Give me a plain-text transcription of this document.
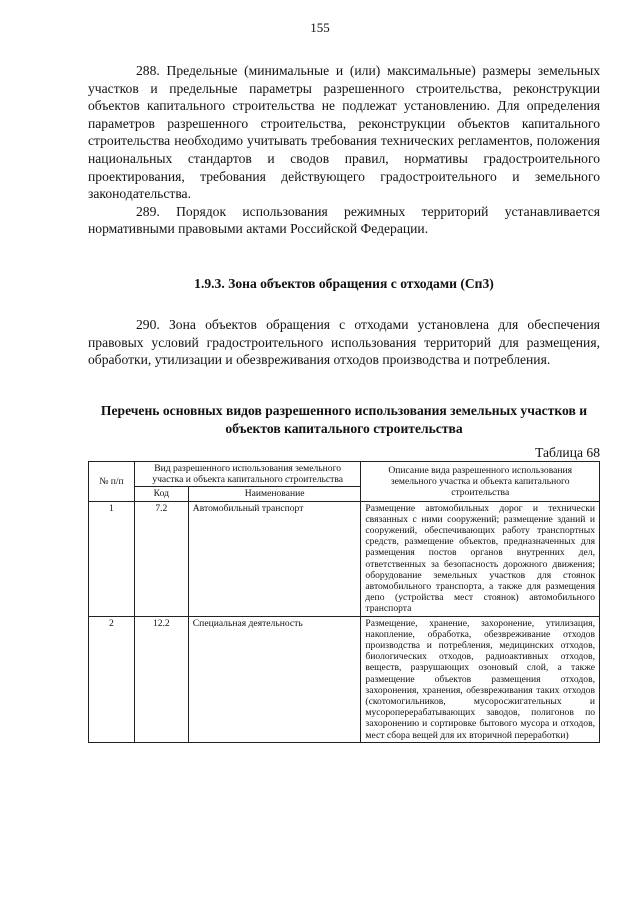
155

288. Предельные (минимальные и (или) максимальные) размеры земельных участков и предельные параметры разрешенного строительства, реконструкции объектов капитального строительства не подлежат установлению. Для определения параметров разрешенного строительства, реконструкции объектов капитального строительства необходимо учитывать требования технических регламентов, положения национальных стандартов и сводов правил, нормативы градостроительного проектирования, требования действующего градостроительного и земельного законодательства.

289. Порядок использования режимных территорий устанавливается нормативными правовыми актами Российской Федерации.

1.9.3. Зона объектов обращения с отходами (Сп3)

290. Зона объектов обращения с отходами установлена для обеспечения правовых условий градостроительного использования территорий для размещения, обработки, утилизации и обезвреживания отходов производства и потребления.

Перечень основных видов разрешенного использования земельных участков и объектов капитального строительства
Таблица 68
№ п/п	Вид разрешенного использования земельного участка и объекта капитального строительства		Описание вида разрешенного использования земельного участка и объекта капитального строительства
	Код	Наименование	
1	7.2	Автомобильный транспорт	Размещение автомобильных дорог и технически связанных с ними сооружений; размещение зданий и сооружений, обеспечивающих работу транспортных средств, размещение объектов, предназначенных для размещения постов органов внутренних дел, ответственных за безопасность дорожного движения; оборудование земельных участков для стоянок автомобильного транспорта, а также для размещения депо (устройства мест стоянок) автомобильного транспорта
2	12.2	Специальная деятельность	Размещение, хранение, захоронение, утилизация, накопление, обработка, обезвреживание отходов производства и потребления, медицинских отходов, биологических отходов, радиоактивных отходов, веществ, разрушающих озоновый слой, а также размещение объектов размещения отходов, захоронения, хранения, обезвреживания таких отходов (скотомогильников, мусоросжигательных и мусороперерабатывающих заводов, полигонов по захоронению и сортировке бытового мусора и отходов, мест сбора вещей для их вторичной переработки)
